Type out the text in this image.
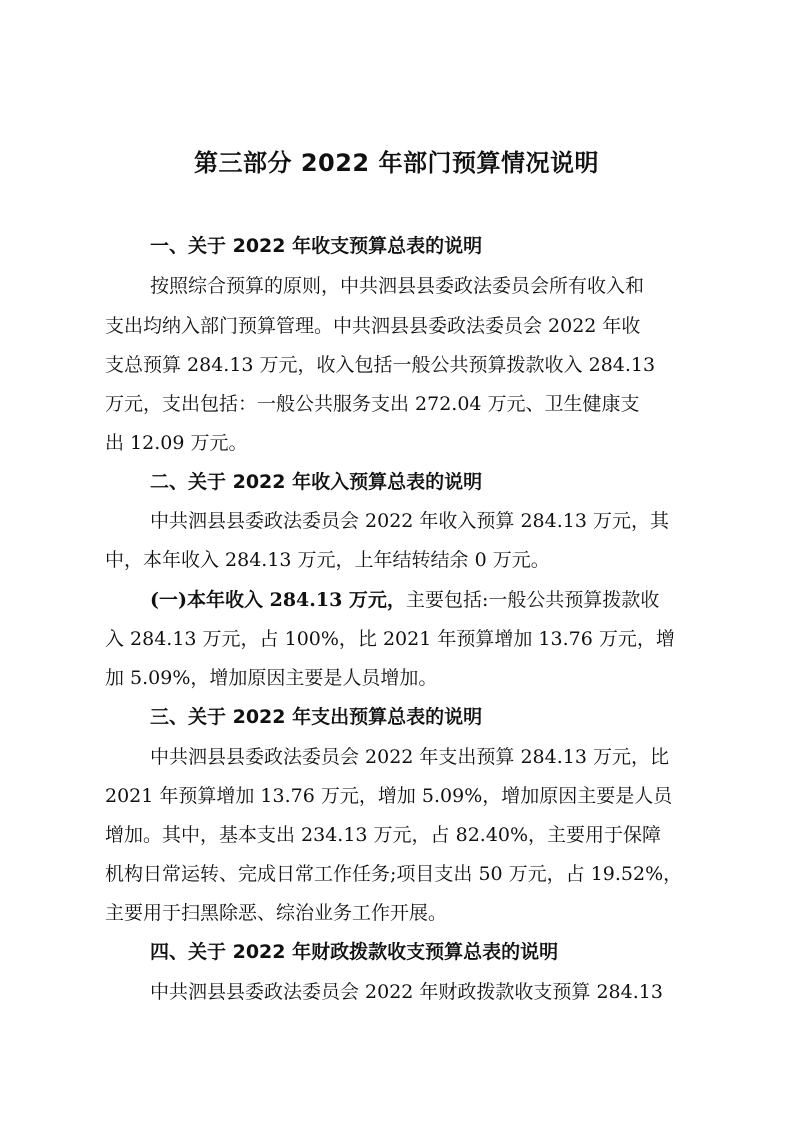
第三部分 2022 年部门预算情况说明
一、关于 2022 年收支预算总表的说明
按照综合预算的原则，中共泗县县委政法委员会所有收入和
支出均纳入部门预算管理。中共泗县县委政法委员会 2022 年收
支总预算 284.13 万元，收入包括一般公共预算拨款收入 284.13
万元，支出包括：一般公共服务支出 272.04 万元、卫生健康支
出 12.09 万元。
二、关于 2022 年收入预算总表的说明
中共泗县县委政法委员会 2022 年收入预算 284.13 万元，其
中，本年收入 284.13 万元，上年结转结余 0 万元。
(一)本年收入 284.13 万元，主要包括:一般公共预算拨款收
入 284.13 万元，占 100%，比 2021 年预算增加 13.76 万元，增
加 5.09%，增加原因主要是人员增加。
三、关于 2022 年支出预算总表的说明
中共泗县县委政法委员会 2022 年支出预算 284.13 万元，比
2021 年预算增加 13.76 万元，增加 5.09%，增加原因主要是人员
增加。其中，基本支出 234.13 万元，占 82.40%，主要用于保障
机构日常运转、完成日常工作任务;项目支出 50 万元，占 19.52%，
主要用于扫黑除恶、综治业务工作开展。
四、关于 2022 年财政拨款收支预算总表的说明
中共泗县县委政法委员会 2022 年财政拨款收支预算 284.13
